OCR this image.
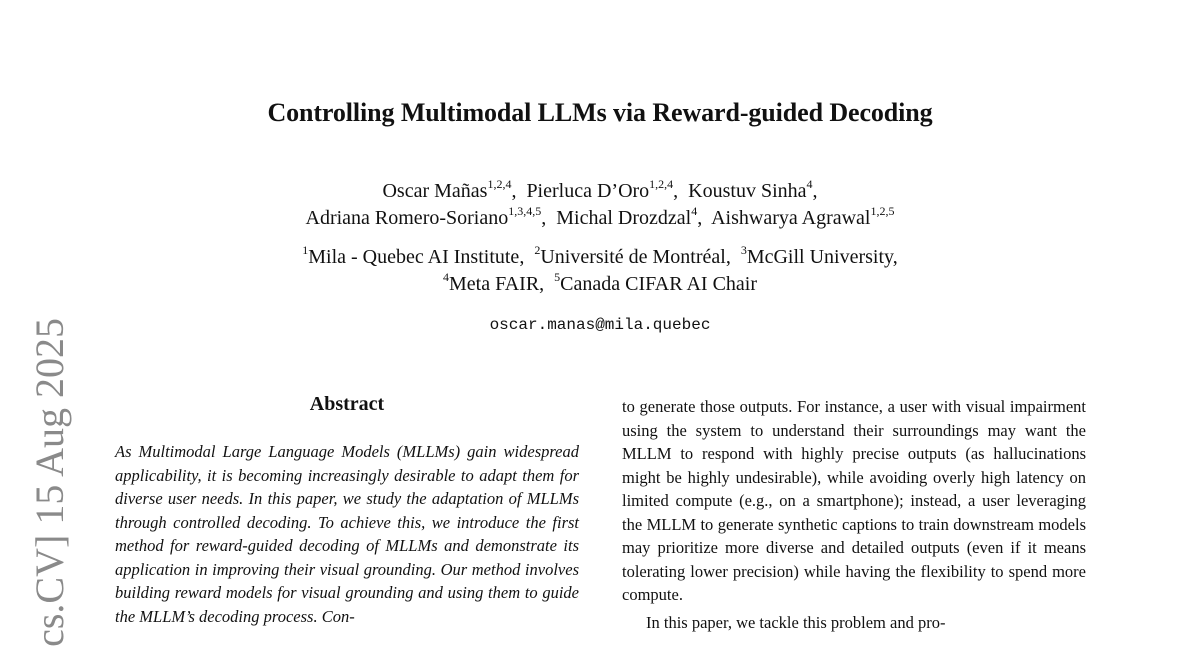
Controlling Multimodal LLMs via Reward-guided Decoding
Oscar Mañas$^{1,2,4}$,  Pierluca D’Oro$^{1,2,4}$,  Koustuv Sinha$^4$,
Adriana Romero-Soriano$^{1,3,4,5}$,  Michal Drozdzal$^4$,  Aishwarya Agrawal$^{1,2,5}$
$^1$Mila - Quebec AI Institute,  $^2$Université de Montréal,  $^3$McGill University,
$^4$Meta FAIR,  $^5$Canada CIFAR AI Chair
oscar.manas@mila.quebec
cs.CV] 15 Aug 2025	Abstract
As Multimodal Large Language Models (MLLMs) gain widespread applicability, it is becoming increasingly desirable to adapt them for diverse user needs. In this paper, we study the adaptation of MLLMs through controlled decoding. To achieve this, we introduce the first method for reward-guided decoding of MLLMs and demonstrate its application in improving their visual grounding. Our method involves building reward models for visual grounding and using them to guide the MLLM’s decoding process. Con-

to generate those outputs. For instance, a user with visual impairment using the system to understand their surroundings may want the MLLM to respond with highly precise outputs (as hallucinations might be highly undesirable), while avoiding overly high latency on limited compute (e.g., on a smartphone); instead, a user leveraging the MLLM to generate synthetic captions to train downstream models may prioritize more diverse and detailed outputs (even if it means tolerating lower precision) while having the flexibility to spend more compute.

In this paper, we tackle this problem and pro-
